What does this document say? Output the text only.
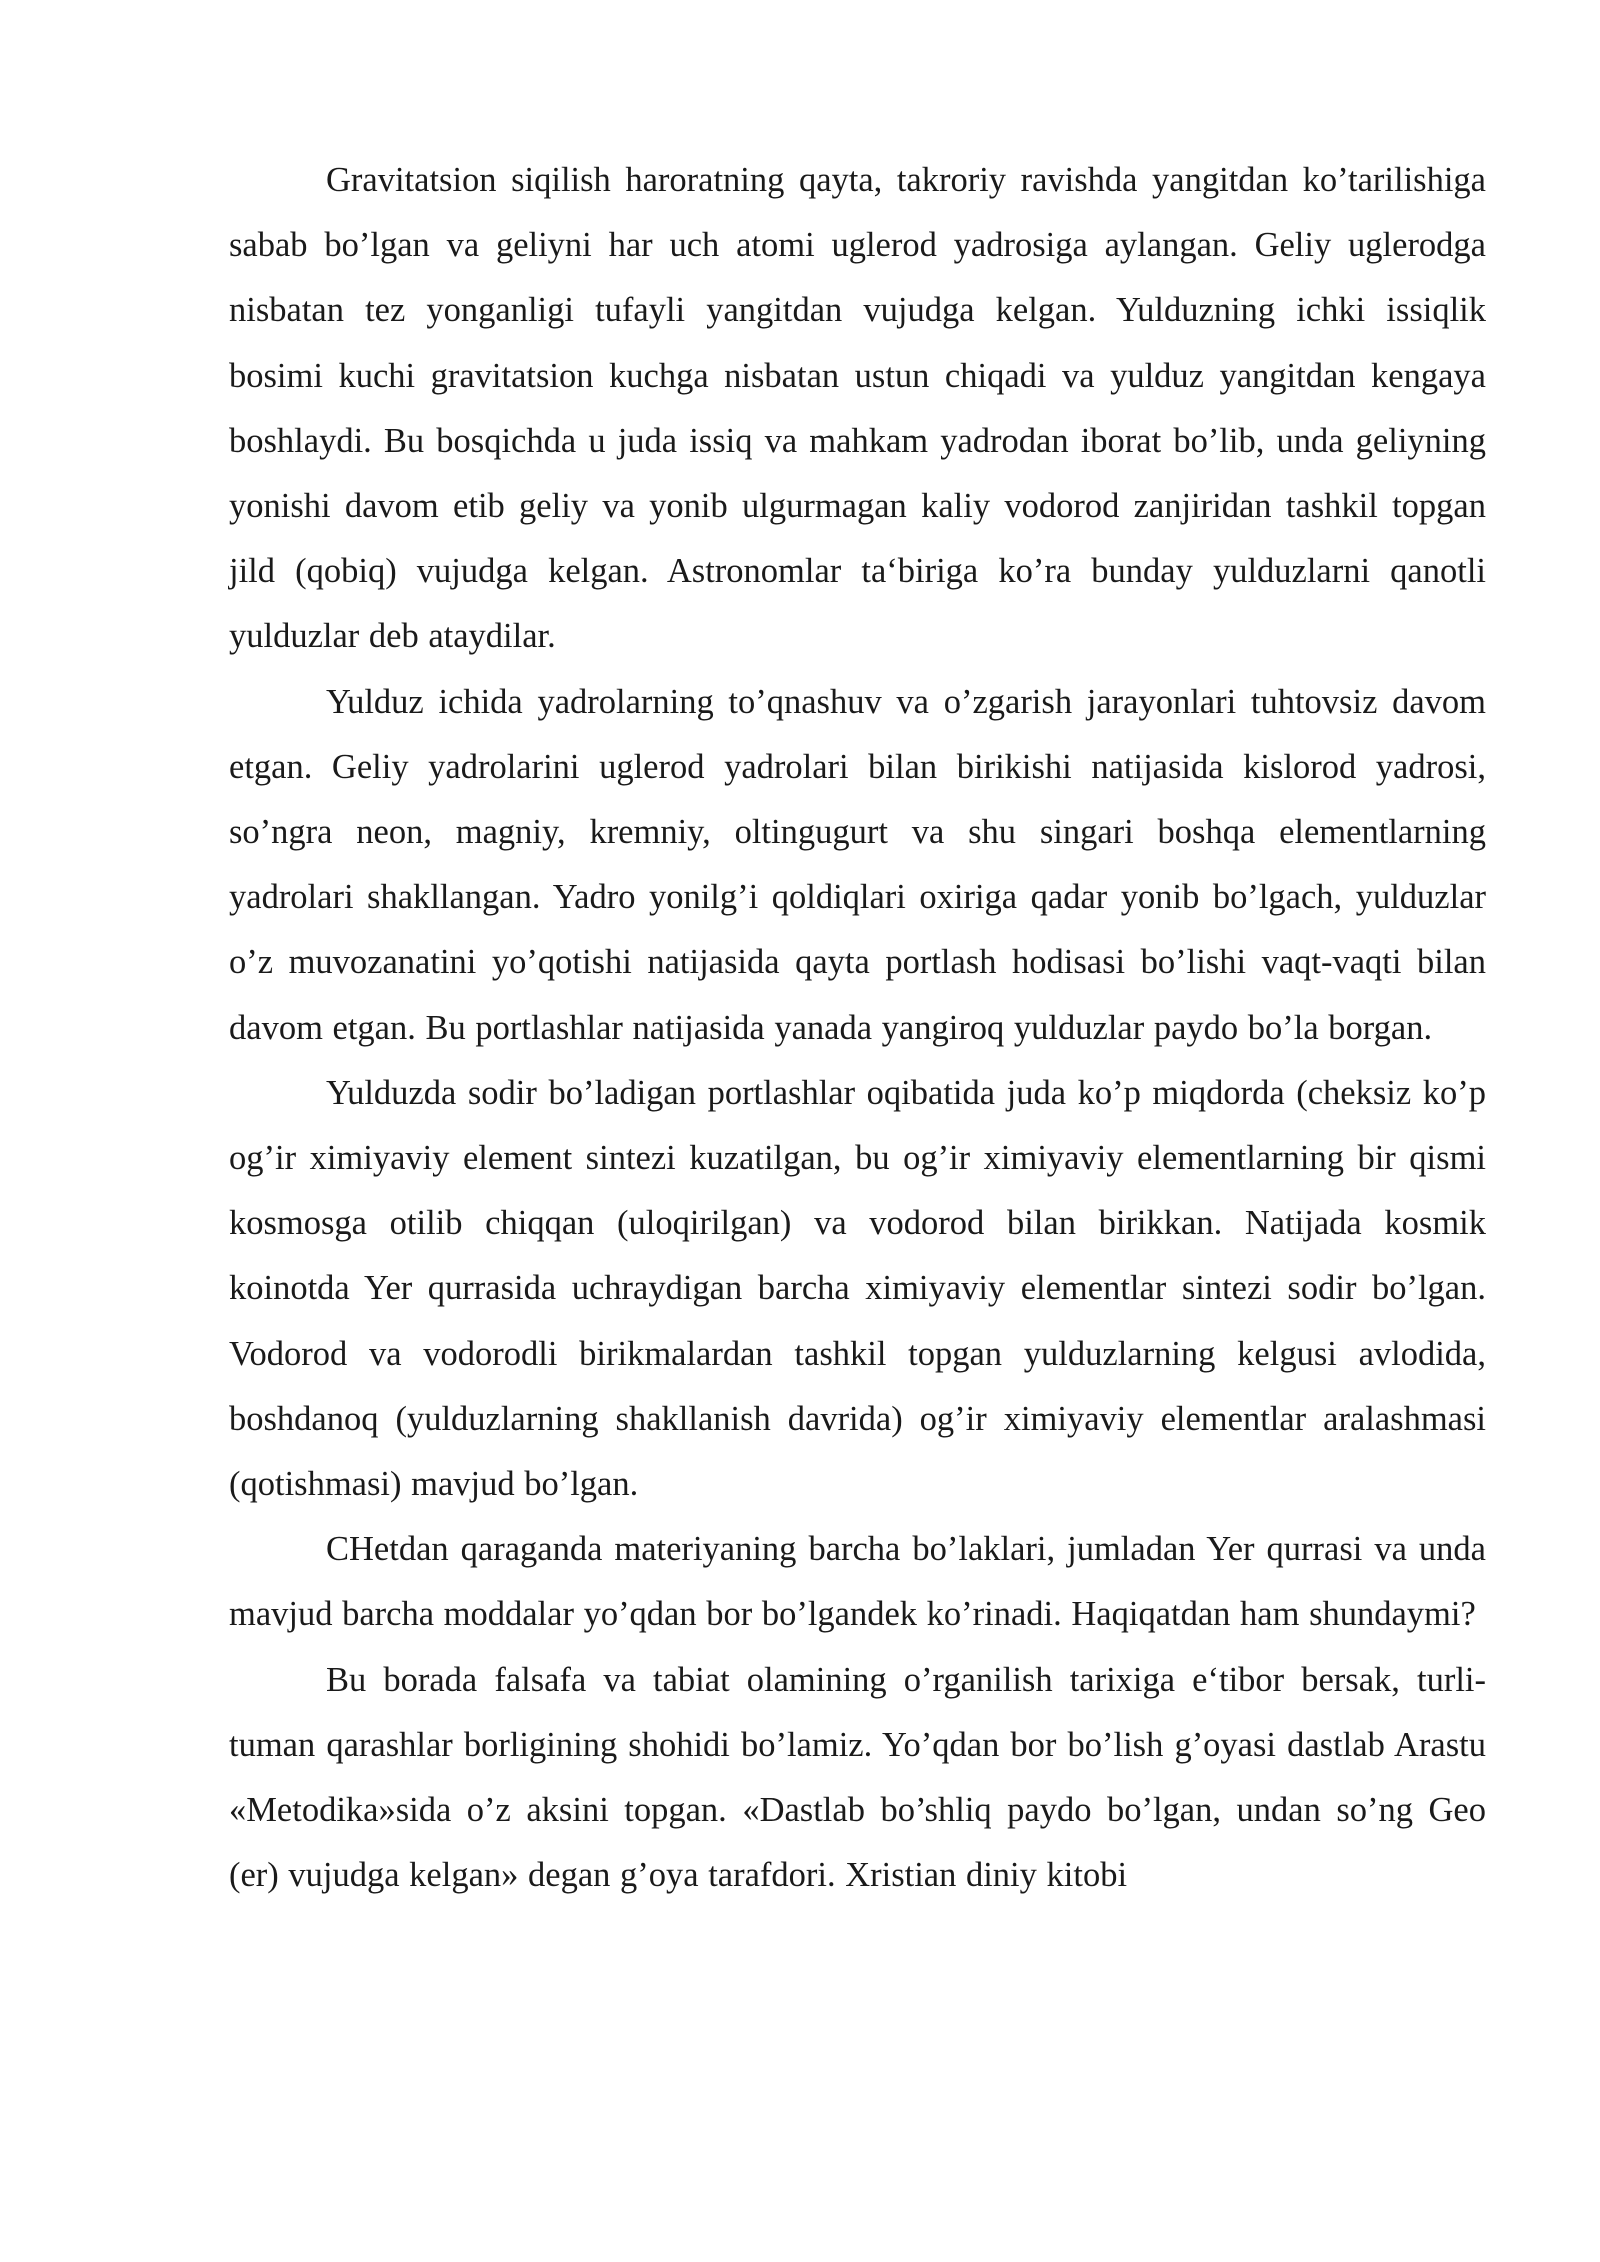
Gravitatsion siqilish haroratning qayta, takroriy ravishda yangitdan ko’tarilishiga sabab bo’lgan va geliyni har uch atomi uglerod yadrosiga aylangan. Geliy uglerodga nisbatan tez yonganligi tufayli yangitdan vujudga kelgan. Yulduzning ichki issiqlik bosimi kuchi gravitatsion kuchga nisbatan ustun chiqadi va yulduz yangitdan kengaya boshlaydi. Bu bosqichda u juda issiq va mahkam yadrodan iborat bo’lib, unda geliyning yonishi davom etib geliy va yonib ulgurmagan kaliy vodorod zanjiridan tashkil topgan jild (qobiq) vujudga kelgan. Astronomlar ta‘biriga ko’ra bunday yulduzlarni qanotli yulduzlar deb ataydilar.

Yulduz ichida yadrolarning to’qnashuv va o’zgarish jarayonlari tuhtovsiz davom etgan. Geliy yadrolarini uglerod yadrolari bilan birikishi natijasida kislorod yadrosi, so’ngra neon, magniy, kremniy, oltingugurt va shu singari boshqa elementlarning yadrolari shakllangan. Yadro yonilg’i qoldiqlari oxiriga qadar yonib bo’lgach, yulduzlar o’z muvozanatini yo’qotishi natijasida qayta portlash hodisasi bo’lishi vaqt-vaqti bilan davom etgan. Bu portlashlar natijasida yanada yangiroq yulduzlar paydo bo’la borgan.

Yulduzda sodir bo’ladigan portlashlar oqibatida juda ko’p miqdorda (cheksiz ko’p og’ir ximiyaviy element sintezi kuzatilgan, bu og’ir ximiyaviy elementlarning bir qismi kosmosga otilib chiqqan (uloqirilgan) va vodorod bilan birikkan. Natijada kosmik koinotda Yer qurrasida uchraydigan barcha ximiyaviy elementlar sintezi sodir bo’lgan. Vodorod va vodorodli birikmalardan tashkil topgan yulduzlarning kelgusi avlodida, boshdanoq (yulduzlarning shakllanish davrida) og’ir ximiyaviy elementlar aralashmasi (qotishmasi) mavjud bo’lgan.

CHetdan qaraganda materiyaning barcha bo’laklari, jumladan Yer qurrasi va unda mavjud barcha moddalar yo’qdan bor bo’lgandek ko’rinadi. Haqiqatdan ham shundaymi?

Bu borada falsafa va tabiat olamining o’rganilish tarixiga e‘tibor bersak, turli-tuman qarashlar borligining shohidi bo’lamiz. Yo’qdan bor bo’lish g’oyasi dastlab Arastu «Metodika»sida o’z aksini topgan. «Dastlab bo’shliq paydo bo’lgan, undan so’ng Geo (er) vujudga kelgan» degan g’oya tarafdori. Xristian diniy kitobi
